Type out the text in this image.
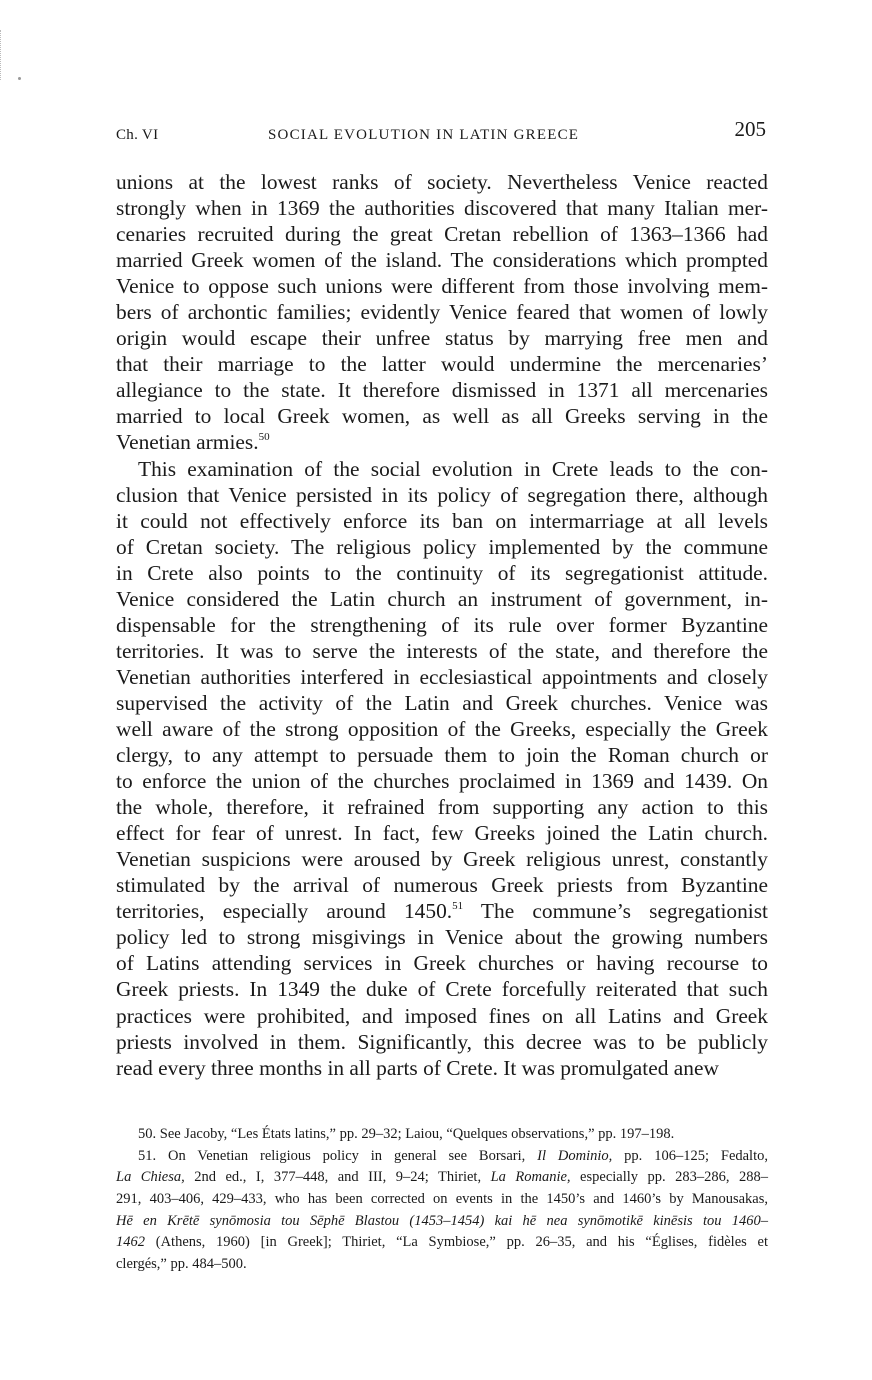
Ch. VI	SOCIAL EVOLUTION IN LATIN GREECE	205
unions at the lowest ranks of society. Nevertheless Venice reacted
strongly when in 1369 the authorities discovered that many Italian mer-
cenaries recruited during the great Cretan rebellion of 1363–1366 had
married Greek women of the island. The considerations which prompted
Venice to oppose such unions were different from those involving mem-
bers of archontic families; evidently Venice feared that women of lowly
origin would escape their unfree status by marrying free men and
that their marriage to the latter would undermine the mercenaries’
allegiance to the state. It therefore dismissed in 1371 all mercenaries
married to local Greek women, as well as all Greeks serving in the
Venetian armies.$^{50}$
This examination of the social evolution in Crete leads to the con-
clusion that Venice persisted in its policy of segregation there, although
it could not effectively enforce its ban on intermarriage at all levels
of Cretan society. The religious policy implemented by the commune
in Crete also points to the continuity of its segregationist attitude.
Venice considered the Latin church an instrument of government, in-
dispensable for the strengthening of its rule over former Byzantine
territories. It was to serve the interests of the state, and therefore the
Venetian authorities interfered in ecclesiastical appointments and closely
supervised the activity of the Latin and Greek churches. Venice was
well aware of the strong opposition of the Greeks, especially the Greek
clergy, to any attempt to persuade them to join the Roman church or
to enforce the union of the churches proclaimed in 1369 and 1439. On
the whole, therefore, it refrained from supporting any action to this
effect for fear of unrest. In fact, few Greeks joined the Latin church.
Venetian suspicions were aroused by Greek religious unrest, constantly
stimulated by the arrival of numerous Greek priests from Byzantine
territories, especially around 1450.51 The commune’s segregationist
policy led to strong misgivings in Venice about the growing numbers
of Latins attending services in Greek churches or having recourse to
Greek priests. In 1349 the duke of Crete forcefully reiterated that such
practices were prohibited, and imposed fines on all Latins and Greek
priests involved in them. Significantly, this decree was to be publicly
read every three months in all parts of Crete. It was promulgated anew
50. See Jacoby, “Les États latins,” pp. 29–32; Laiou, “Quelques observations,” pp. 197–198.
51. On Venetian religious policy in general see Borsari, Il Dominio, pp. 106–125; Fedalto,
La Chiesa, 2nd ed., I, 377–448, and III, 9–24; Thiriet, La Romanie, especially pp. 283–286, 288–
291, 403–406, 429–433, who has been corrected on events in the 1450’s and 1460’s by Manousakas,
Hē en Krētē synōmosia tou Sēphē Blastou (1453–1454) kai hē nea synōmotikē kinēsis tou 1460–
1462 (Athens, 1960) [in Greek]; Thiriet, “La Symbiose,” pp. 26–35, and his “Églises, fidèles et
clergés,” pp. 484–500.
